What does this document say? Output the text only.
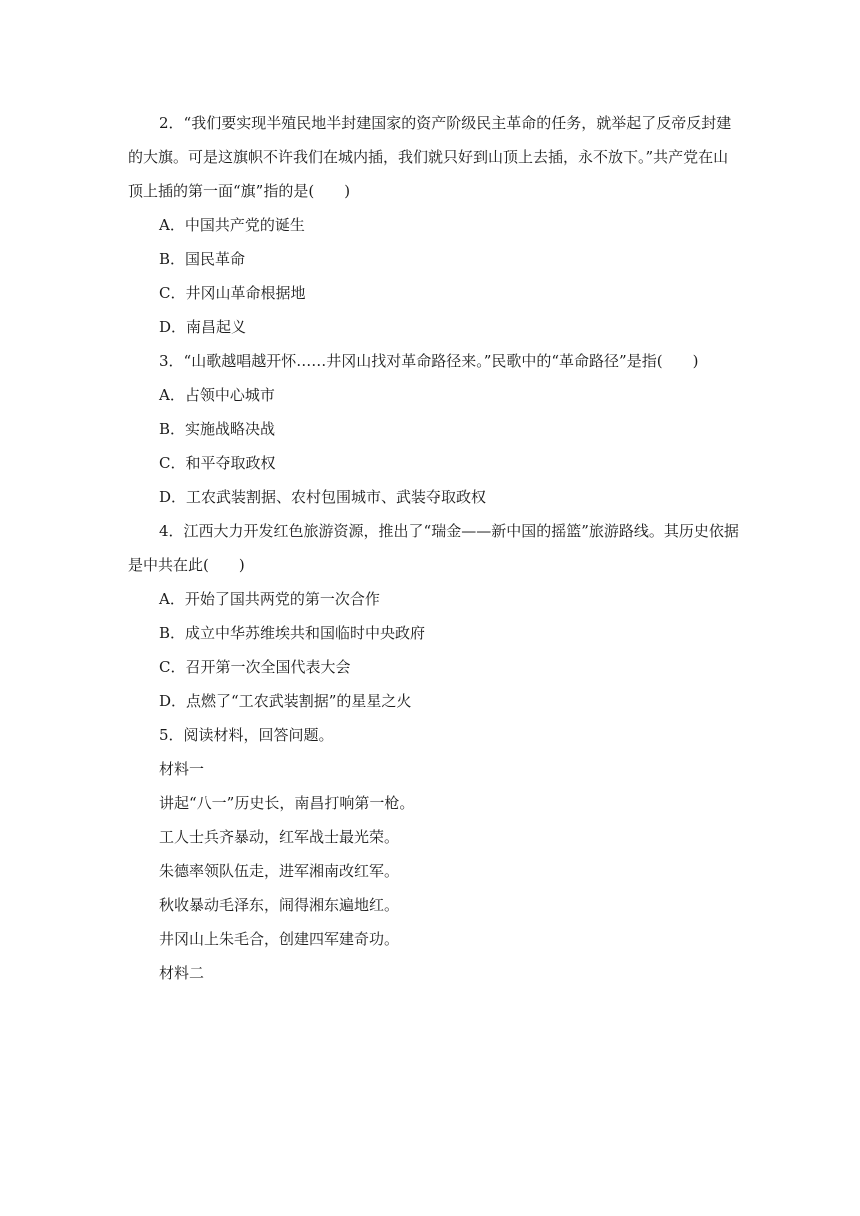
2．“我们要实现半殖民地半封建国家的资产阶级民主革命的任务，就举起了反帝反封建

的大旗。可是这旗帜不许我们在城内插，我们就只好到山顶上去插，永不放下。”共产党在山

顶上插的第一面“旗”指的是(　　)

A．中国共产党的诞生

B．国民革命

C．井冈山革命根据地

D．南昌起义

3．“山歌越唱越开怀……井冈山找对革命路径来。”民歌中的“革命路径”是指(　　)

A．占领中心城市

B．实施战略决战

C．和平夺取政权

D．工农武装割据、农村包围城市、武装夺取政权

4．江西大力开发红色旅游资源，推出了“瑞金——新中国的摇篮”旅游路线。其历史依据

是中共在此(　　)

A．开始了国共两党的第一次合作

B．成立中华苏维埃共和国临时中央政府

C．召开第一次全国代表大会

D．点燃了“工农武装割据”的星星之火

5．阅读材料，回答问题。

材料一

讲起“八一”历史长，南昌打响第一枪。

工人士兵齐暴动，红军战士最光荣。

朱德率领队伍走，进军湘南改红军。

秋收暴动毛泽东，闹得湘东遍地红。

井冈山上朱毛合，创建四军建奇功。

材料二
